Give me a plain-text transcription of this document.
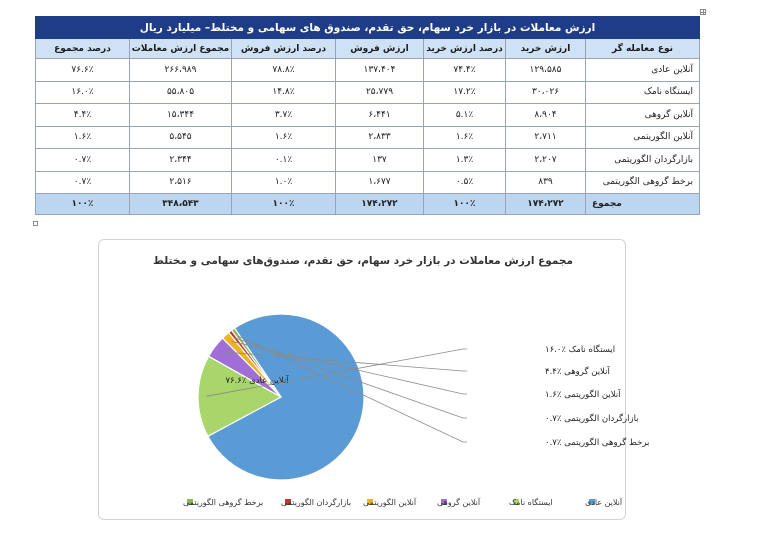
ارزش معاملات در بازار خرد سهام، حق تقدم، صندوق های سهامی و مختلط– میلیارد ریال						
نوع معامله گر	ارزش خرید	درصد ارزش خرید	ارزش فروش	درصد ارزش فروش	مجموع ارزش معاملات	درصد مجموع
آنلاین عادی	۱۲۹،۵۸۵	۷۴.۴٪	۱۳۷،۴۰۴	۷۸.۸٪	۲۶۶،۹۸۹	۷۶.۶٪
ایستگاه نامک	۳۰،۰۲۶	۱۷.۲٪	۲۵،۷۷۹	۱۴.۸٪	۵۵،۸۰۵	۱۶.۰٪
آنلاین گروهی	۸،۹۰۴	۵.۱٪	۶،۴۴۱	۳.۷٪	۱۵،۳۴۴	۴.۴٪
آنلاین الگوریتمی	۲،۷۱۱	۱.۶٪	۲،۸۳۳	۱.۶٪	۵،۵۴۵	۱.۶٪
بازارگردان الگوریتمی	۲،۲۰۷	۱.۳٪	۱۳۷	۰.۱٪	۲،۳۴۴	۰.۷٪
برخط گروهی الگوریتمی	۸۳۹	۰.۵٪	۱،۶۷۷	۱.۰٪	۲،۵۱۶	۰.۷٪
مجموع	۱۷۴،۲۷۲	۱۰۰٪	۱۷۴،۲۷۲	۱۰۰٪	۳۴۸،۵۴۳	۱۰۰٪
مجموع ارزش معاملات در بازار خرد سهام، حق تقدم، صندوق‌های سهامی و مختلط
آنلاین عادی ٪۷۶.۶
ایستگاه نامک ٪۱۶.۰
آنلاین گروهی ٪۴.۴
آنلاین الگوریتمی ٪۱.۶
بازارگردان الگوریتمی ٪۰.۷
برخط گروهی الگوریتمی ٪۰.۷
آنلاین عادی
ایستگاه نامک
آنلاین گروهی
آنلاین الگوریتمی
بازارگردان الگوریتمی
برخط گروهی الگوریتمی
